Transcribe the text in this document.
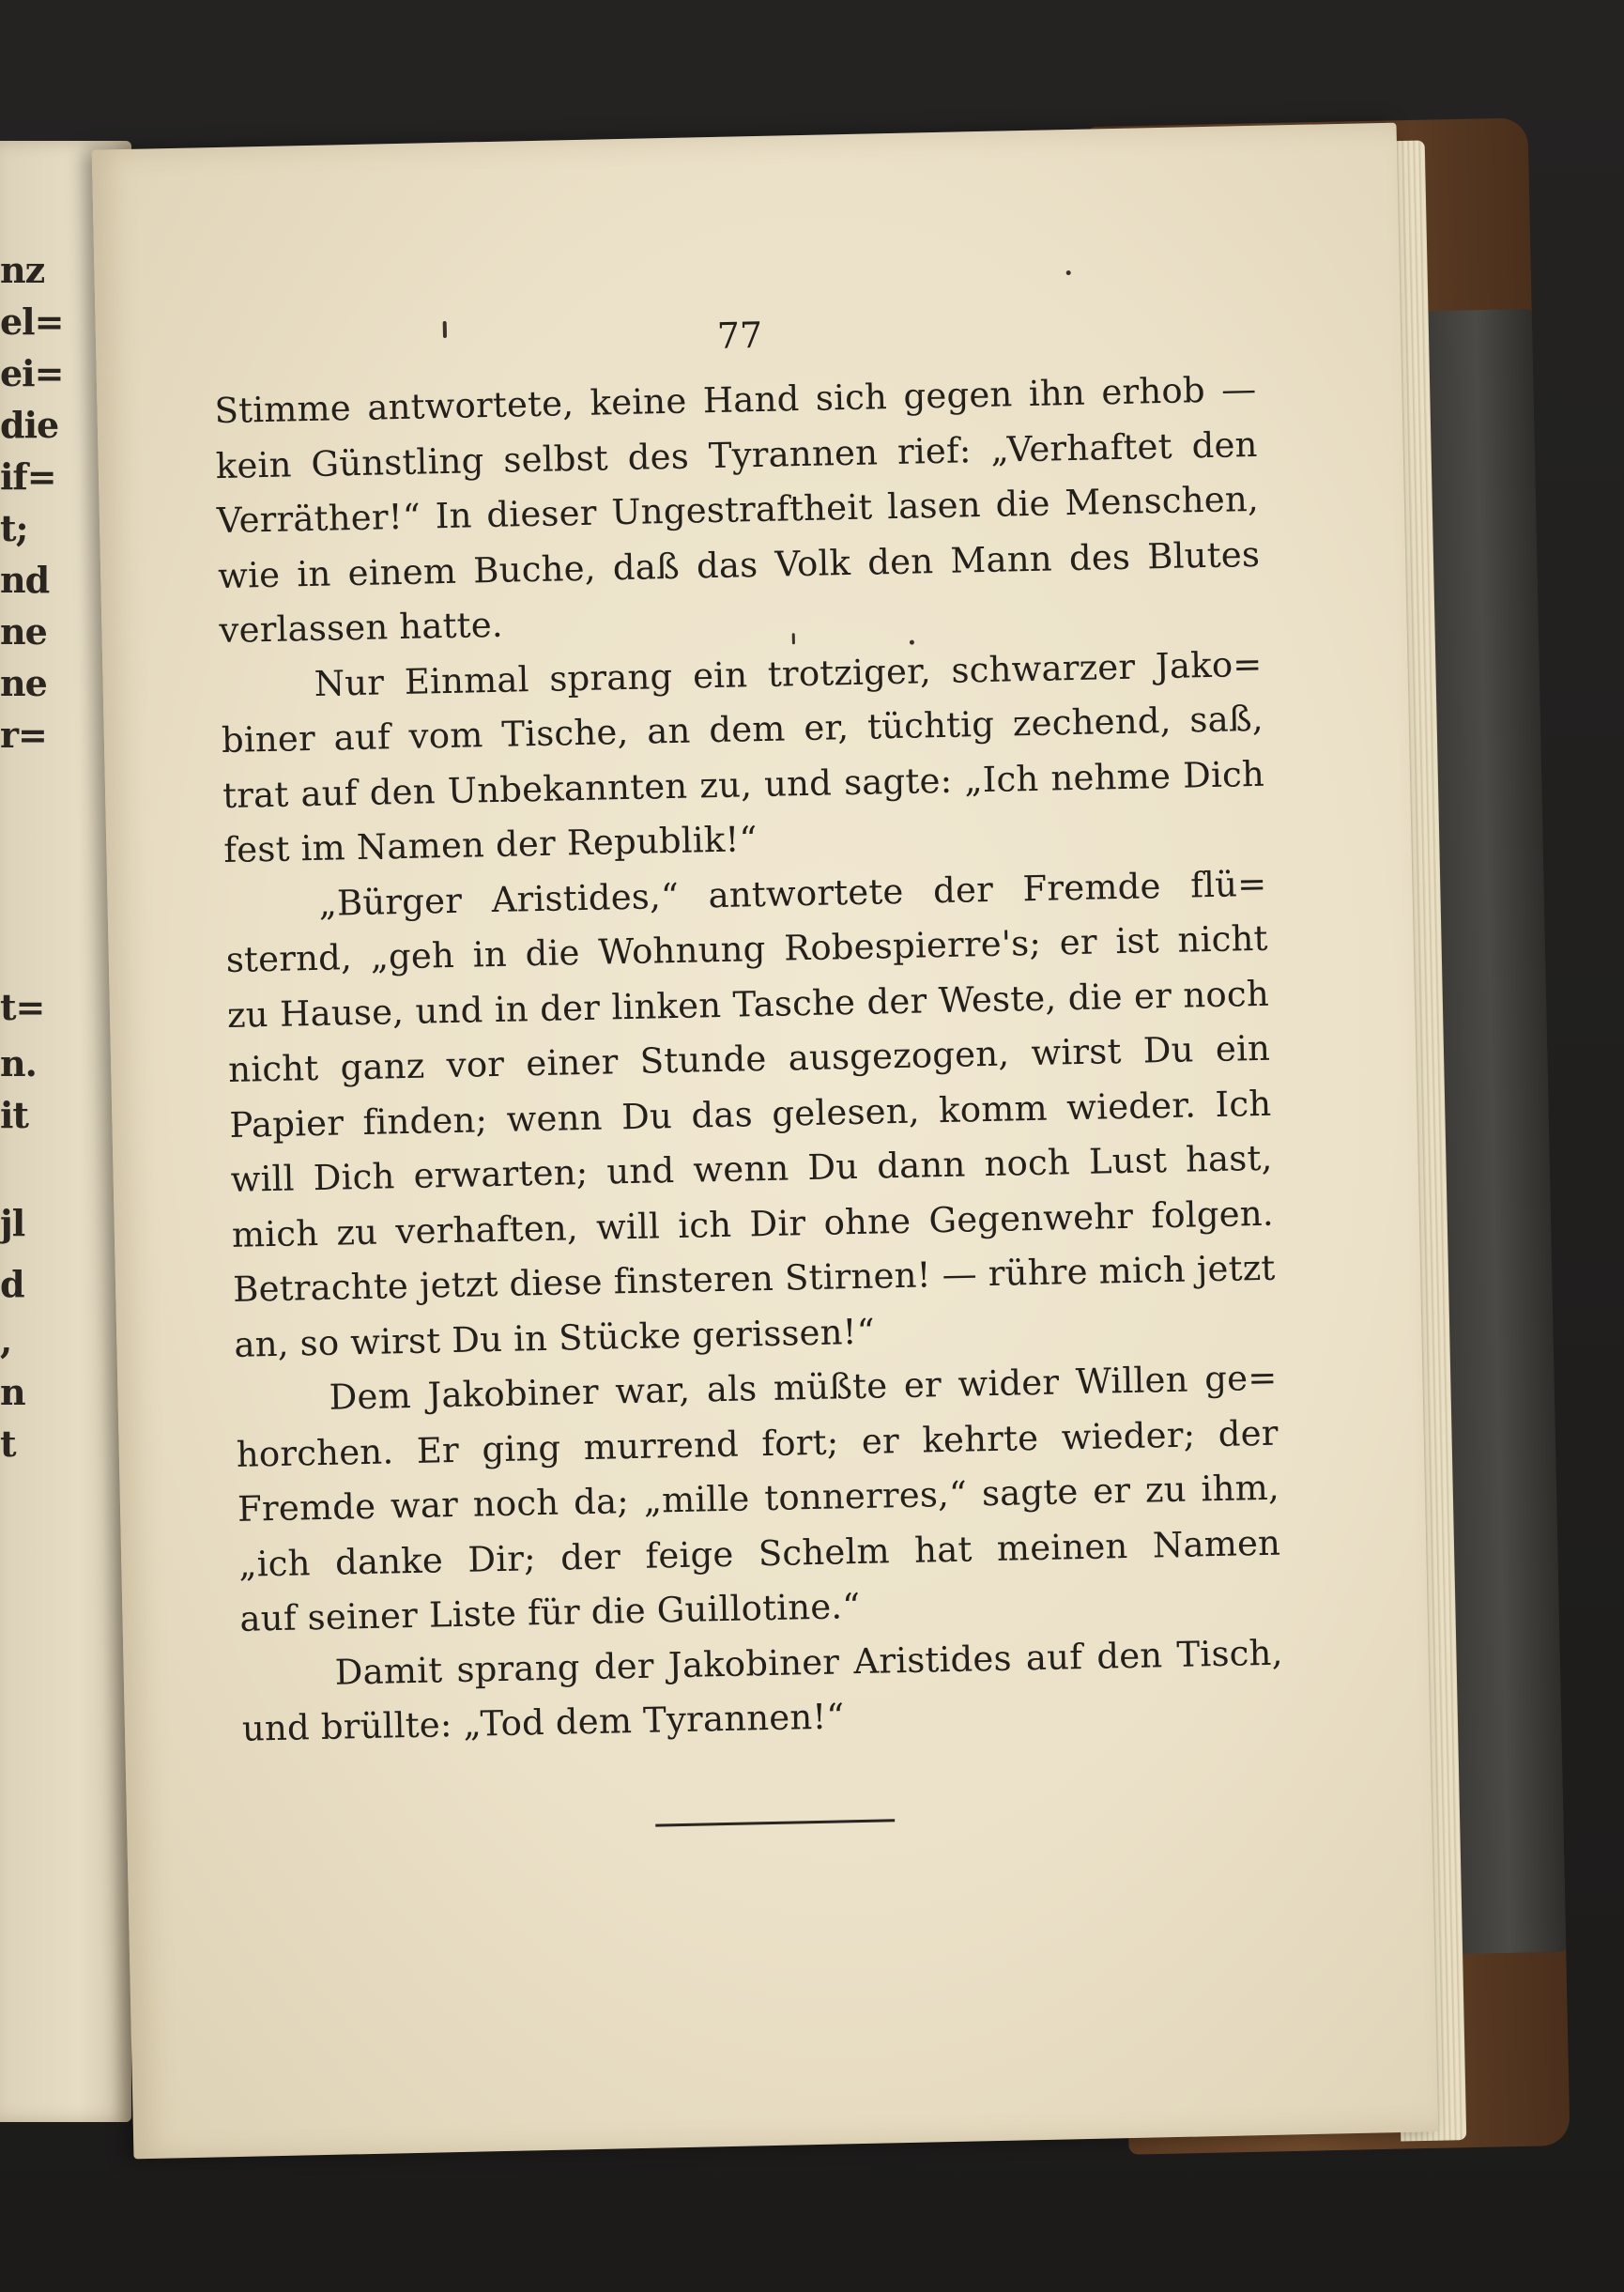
nz
el=
ei=
die
if=
t;
nd
ne
ne
r=
t=
n.
it
jl
d
,
n
t
77
Stimme antwortete, keine Hand sich gegen ihn erhob —
kein Günstling selbst des Tyrannen rief: „Verhaftet den
Verräther!“ In dieser Ungestraftheit lasen die Menschen,
wie in einem Buche, daß das Volk den Mann des Blutes
verlassen hatte.
Nur Einmal sprang ein trotziger, schwarzer Jako=
biner auf vom Tische, an dem er, tüchtig zechend, saß,
trat auf den Unbekannten zu, und sagte: „Ich nehme Dich
fest im Namen der Republik!“
„Bürger Aristides,“ antwortete der Fremde flü=
sternd, „geh in die Wohnung Robespierre's; er ist nicht
zu Hause, und in der linken Tasche der Weste, die er noch
nicht ganz vor einer Stunde ausgezogen, wirst Du ein
Papier finden; wenn Du das gelesen, komm wieder. Ich
will Dich erwarten; und wenn Du dann noch Lust hast,
mich zu verhaften, will ich Dir ohne Gegenwehr folgen.
Betrachte jetzt diese finsteren Stirnen! — rühre mich jetzt
an, so wirst Du in Stücke gerissen!“
Dem Jakobiner war, als müßte er wider Willen ge=
horchen. Er ging murrend fort; er kehrte wieder; der
Fremde war noch da; „mille tonnerres,“ sagte er zu ihm,
„ich danke Dir; der feige Schelm hat meinen Namen
auf seiner Liste für die Guillotine.“
Damit sprang der Jakobiner Aristides auf den Tisch,
und brüllte: „Tod dem Tyrannen!“
